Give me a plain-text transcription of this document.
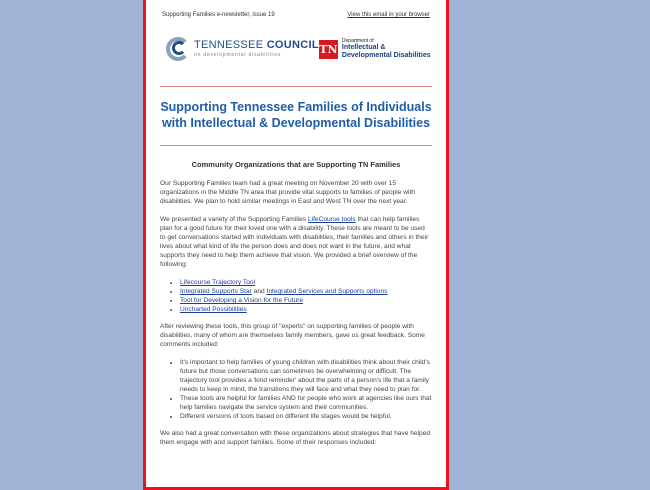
Supporting Families e-newsletter, issue 19	View this email in your browser
TENNESSEE COUNCIL
on developmental disabilities	TN
Department of
Intellectual &
Developmental Disabilities
Supporting Tennessee Families of Individuals with Intellectual & Developmental Disabilities
Community Organizations that are Supporting TN Families

Our Supporting Families team had a great meeting on November 20 with over 15 organizations in the Middle TN area that provide vital supports to families of people with disabilities. We plan to hold similar meetings in East and West TN over the next year.

We presented a variety of the Supporting Families LifeCourse tools that can help families plan for a good future for their loved one with a disability. These tools are meant to be used to get conversations started with individuals with disabilities, their families and others in their lives about what kind of life the person does and does not want in the future, and what supports they need to help them achieve that vision. We provided a brief overview of the following:

• Lifecourse Trajectory Tool
• Integrated Supports Star and Integrated Services and Supports options
• Tool for Developing a Vision for the Future
• Uncharted Possibilities

After reviewing these tools, this group of "experts" on supporting families of people with disabilities, many of whom are themselves family members, gave us great feedback. Some comments included:

• It's important to help families of young children with disabilities think about their child's future but those conversations can sometimes be overwhelming or difficult. The trajectory tool provides a 'kind reminder' about the parts of a person's life that a family needs to keep in mind, the transitions they will face and what they need to plan for.
• These tools are helpful for families AND for people who work at agencies like ours that help families navigate the service system and their communities.
• Different versions of tools based on different life stages would be helpful.

We also had a great conversation with these organizations about strategies that have helped them engage with and support families. Some of their responses included:
